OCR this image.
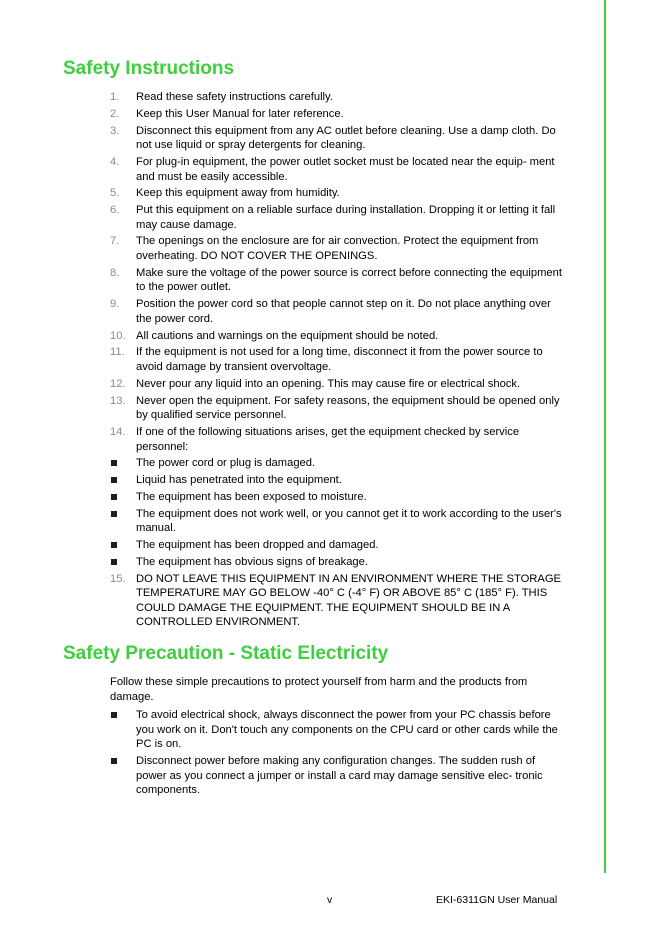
Safety Instructions
1. Read these safety instructions carefully.
2. Keep this User Manual for later reference.
3. Disconnect this equipment from any AC outlet before cleaning. Use a damp cloth. Do not use liquid or spray detergents for cleaning.
4. For plug-in equipment, the power outlet socket must be located near the equip- ment and must be easily accessible.
5. Keep this equipment away from humidity.
6. Put this equipment on a reliable surface during installation. Dropping it or letting it fall may cause damage.
7. The openings on the enclosure are for air convection. Protect the equipment from overheating. DO NOT COVER THE OPENINGS.
8. Make sure the voltage of the power source is correct before connecting the equipment to the power outlet.
9. Position the power cord so that people cannot step on it. Do not place anything over the power cord.
10. All cautions and warnings on the equipment should be noted.
11. If the equipment is not used for a long time, disconnect it from the power source to avoid damage by transient overvoltage.
12. Never pour any liquid into an opening. This may cause fire or electrical shock.
13. Never open the equipment. For safety reasons, the equipment should be opened only by qualified service personnel.
14. If one of the following situations arises, get the equipment checked by service personnel:
The power cord or plug is damaged.
Liquid has penetrated into the equipment.
The equipment has been exposed to moisture.
The equipment does not work well, or you cannot get it to work according to the user's manual.
The equipment has been dropped and damaged.
The equipment has obvious signs of breakage.
15. DO NOT LEAVE THIS EQUIPMENT IN AN ENVIRONMENT WHERE THE STORAGE TEMPERATURE MAY GO BELOW -40° C (-4° F) OR ABOVE 85° C (185° F). THIS COULD DAMAGE THE EQUIPMENT. THE EQUIPMENT SHOULD BE IN A CONTROLLED ENVIRONMENT.
Safety Precaution - Static Electricity

Follow these simple precautions to protect yourself from harm and the products from damage.

To avoid electrical shock, always disconnect the power from your PC chassis before you work on it. Don't touch any components on the CPU card or other cards while the PC is on.
Disconnect power before making any configuration changes. The sudden rush of power as you connect a jumper or install a card may damage sensitive elec- tronic components.
v	EKI-6311GN User Manual
